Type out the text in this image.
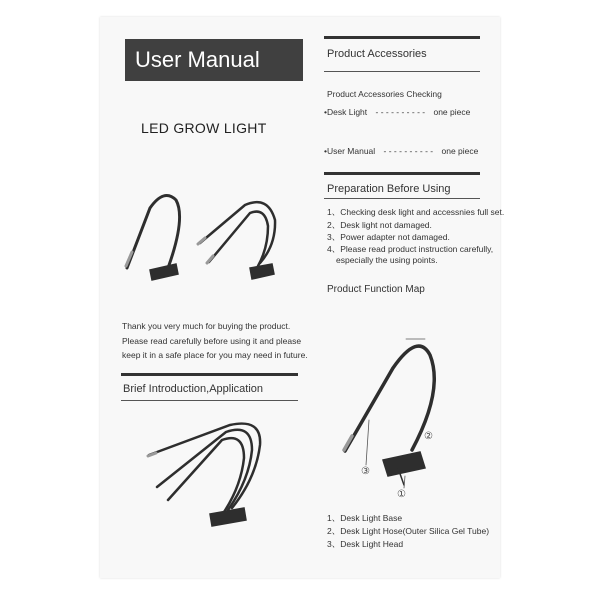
User Manual
LED GROW LIGHT
Thank you very much for buying the product.
Please read carefully before using it and please
keep it in a safe place for you may need in future.
Brief Introduction,Application
Product Accessories
Product Accessories Checking
•Desk Light - - - - - - - - - - one piece
•User Manual - - - - - - - - - - one piece
Preparation Before Using
1、Checking desk light and accessnies full set.
2、Desk light not damaged.
3、Power adapter not damaged.
4、Please read product instruction carefully,
especially the using points.
Product Function Map
②
③
①
1、Desk Light Base
2、Desk Light Hose(Outer Silica Gel Tube)
3、Desk Light Head
